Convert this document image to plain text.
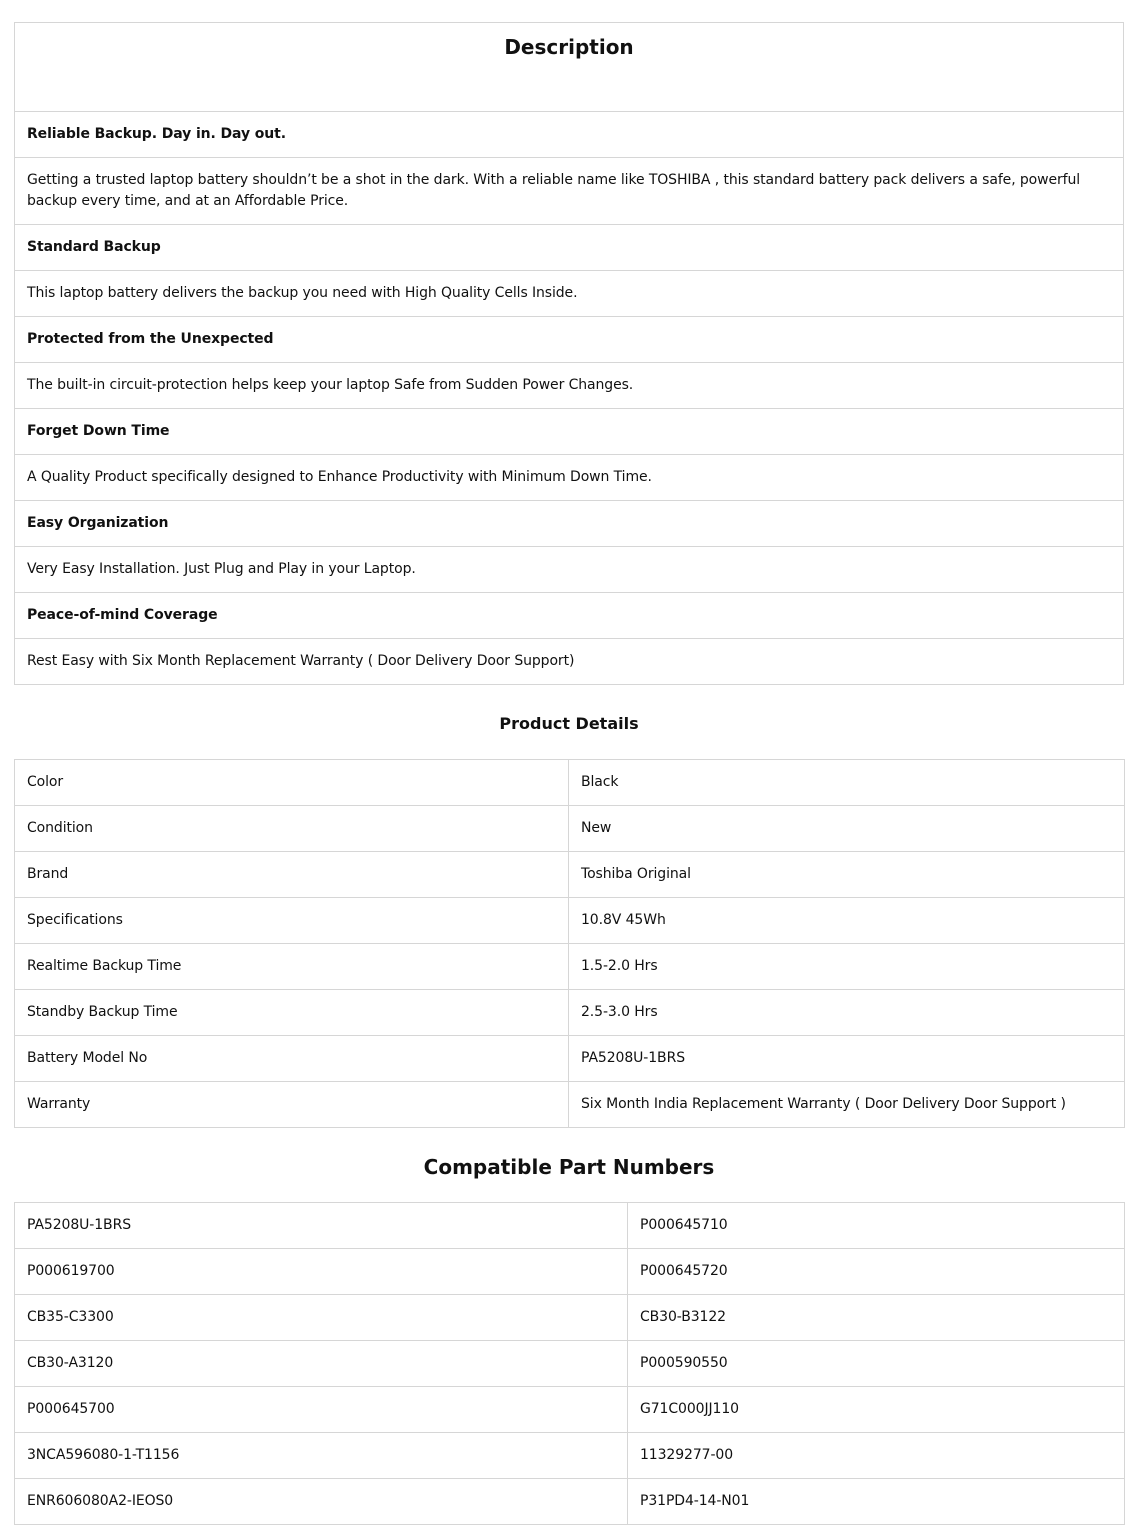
Description
Reliable Backup. Day in. Day out.
Getting a trusted laptop battery shouldn’t be a shot in the dark. With a reliable name like TOSHIBA , this standard battery pack delivers a safe, powerful backup every time, and at an Affordable Price.
Standard Backup
This laptop battery delivers the backup you need with High Quality Cells Inside.
Protected from the Unexpected
The built-in circuit-protection helps keep your laptop Safe from Sudden Power Changes.
Forget Down Time
A Quality Product specifically designed to Enhance Productivity with Minimum Down Time.
Easy Organization
Very Easy Installation. Just Plug and Play in your Laptop.
Peace-of-mind Coverage
Rest Easy with Six Month Replacement Warranty ( Door Delivery Door Support)
Product Details
Color	Black
Condition	New
Brand	Toshiba Original
Specifications	10.8V 45Wh
Realtime Backup Time	1.5-2.0 Hrs
Standby Backup Time	2.5-3.0 Hrs
Battery Model No	PA5208U-1BRS
Warranty	Six Month India Replacement Warranty ( Door Delivery Door Support )
Compatible Part Numbers
PA5208U-1BRS	P000645710
P000619700	P000645720
CB35-C3300	CB30-B3122
CB30-A3120	P000590550
P000645700	G71C000JJ110
3NCA596080-1-T1156	11329277-00
ENR606080A2-IEOS0	P31PD4-14-N01
